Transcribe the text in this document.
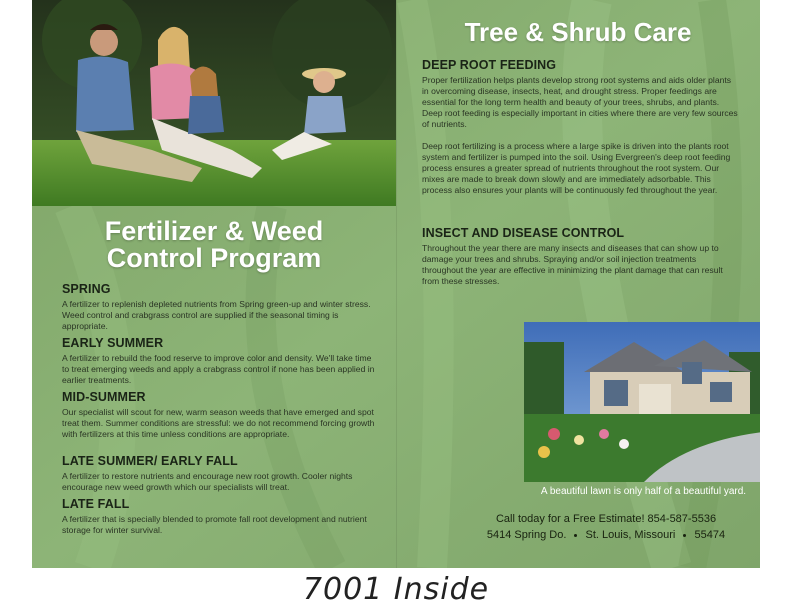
Fertilizer & Weed
Control Program
SPRING

A fertilizer to replenish depleted nutrients from Spring green-up and winter stress. Weed control and crabgrass control are supplied if the seasonal timing is appropriate.

EARLY SUMMER

A fertilizer to rebuild the food reserve to improve color and density. We'll take time to treat emerging weeds and apply a crabgrass control if none has been applied in earlier treatments.

MID-SUMMER

Our specialist will scout for new, warm season weeds that have emerged and spot treat them. Summer conditions are stressful: we do not recommend forcing growth with fertilizers at this time unless conditions are appropriate.

LATE SUMMER/ EARLY FALL

A fertilizer to restore nutrients and encourage new root growth. Cooler nights encourage new weed growth which our specialists will treat.

LATE FALL

A fertilizer that is specially blended to promote fall root development and nutrient storage for winter survival.

Tree & Shrub Care
DEEP ROOT FEEDING

Proper fertilization helps plants develop strong root systems and aids older plants in overcoming disease, insects, heat, and drought stress. Proper feedings are essential for the long term health and beauty of your trees, shrubs, and plants. Deep root feeding is especially important in cities where there are very few sources of nutrients.

Deep root fertilizing is a process where a large spike is driven into the plants root system and fertilizer is pumped into the soil. Using Evergreen's deep root feeding process ensures a greater spread of nutrients throughout the root system. Our mixes are made to break down slowly and are immediately adsorbable. This process also ensures your plants will be continuously fed throughout the year.

INSECT AND DISEASE CONTROL

Throughout the year there are many insects and diseases that can show up to damage your trees and shrubs. Spraying and/or soil injection treatments throughout the year are effective in minimizing the plant damage that can result from these stresses.

A beautiful lawn is only half of a beautiful yard.
Call today for a Free Estimate! 854-587-5536
5414 Spring Do. St. Louis, Missouri 55474
7001 Inside
